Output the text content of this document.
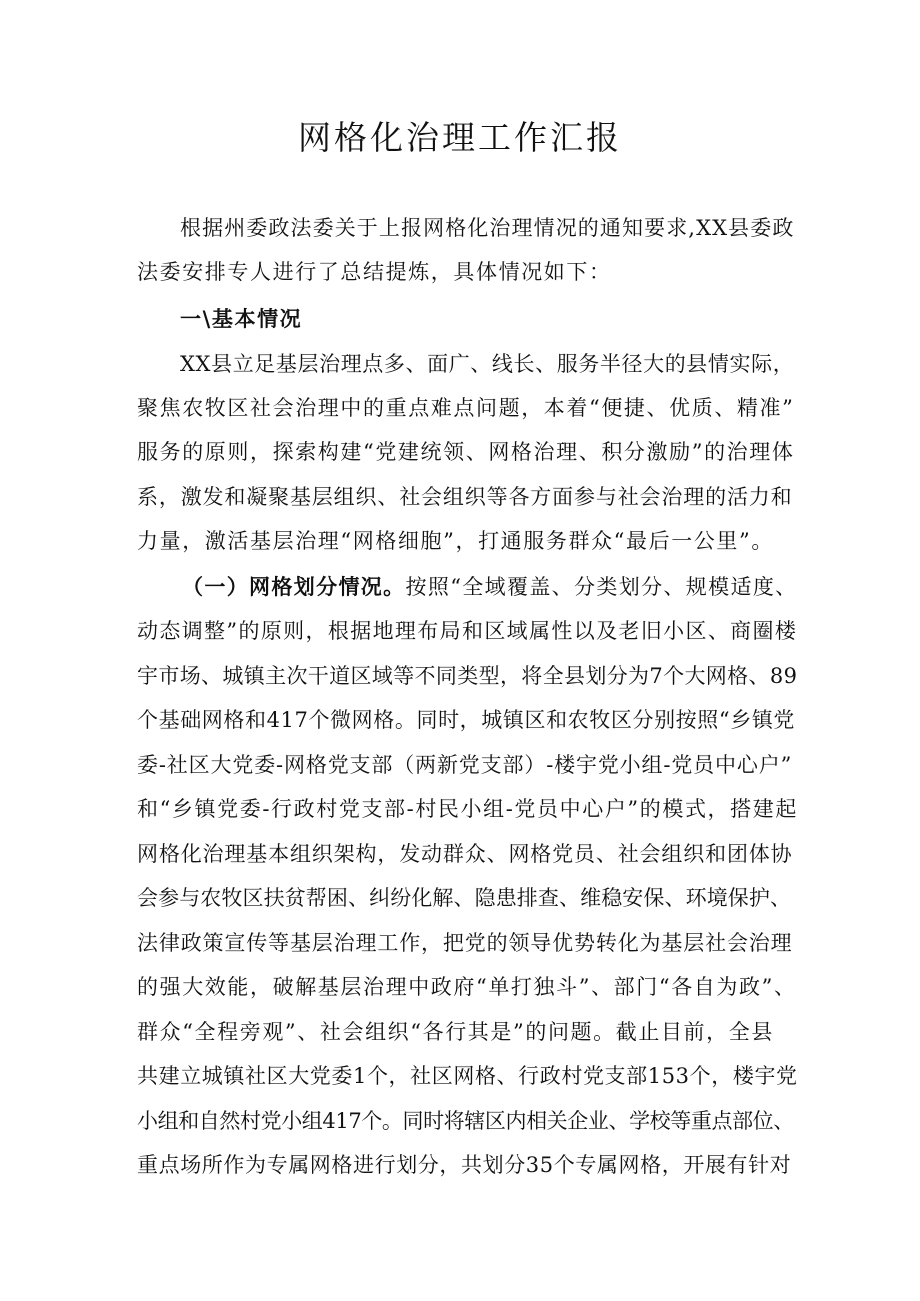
网格化治理工作汇报

根据州委政法委关于上报网格化治理情况的通知要求,XX县委政

法委安排专人进行了总结提炼，具体情况如下：

一\基本情况

XX县立足基层治理点多、面广、线长、服务半径大的县情实际，

聚焦农牧区社会治理中的重点难点问题，本着“便捷、优质、精准”

服务的原则，探索构建“党建统领、网格治理、积分激励”的治理体

系，激发和凝聚基层组织、社会组织等各方面参与社会治理的活力和

力量，激活基层治理“网格细胞”，打通服务群众“最后一公里”。

（一）网格划分情况。按照“全域覆盖、分类划分、规模适度、

动态调整”的原则，根据地理布局和区域属性以及老旧小区、商圈楼

宇市场、城镇主次干道区域等不同类型，将全县划分为7个大网格、89

个基础网格和417个微网格。同时，城镇区和农牧区分别按照“乡镇党

委-社区大党委-网格党支部（两新党支部）-楼宇党小组-党员中心户”

和“乡镇党委-行政村党支部-村民小组-党员中心户”的模式，搭建起

网格化治理基本组织架构，发动群众、网格党员、社会组织和团体协

会参与农牧区扶贫帮困、纠纷化解、隐患排查、维稳安保、环境保护、

法律政策宣传等基层治理工作，把党的领导优势转化为基层社会治理

的强大效能，破解基层治理中政府“单打独斗”、部门“各自为政”、

群众“全程旁观”、社会组织“各行其是”的问题。截止目前，全县

共建立城镇社区大党委1个，社区网格、行政村党支部153个，楼宇党

小组和自然村党小组417个。同时将辖区内相关企业、学校等重点部位、

重点场所作为专属网格进行划分，共划分35个专属网格，开展有针对
